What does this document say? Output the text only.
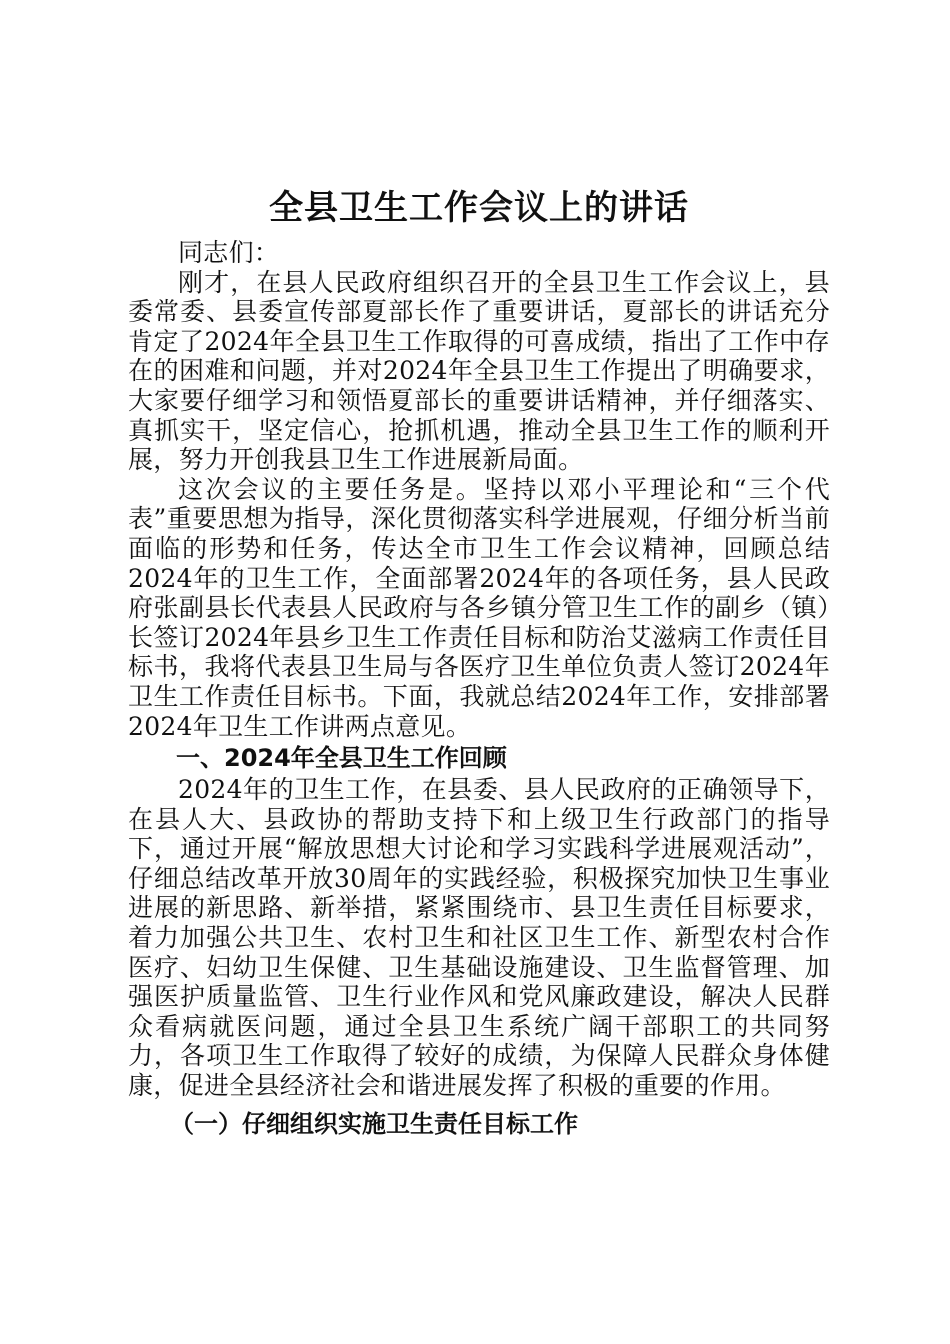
全县卫生工作会议上的讲话

同志们：

刚才，在县人民政府组织召开的全县卫生工作会议上，县委常委、县委宣传部夏部长作了重要讲话，夏部长的讲话充分肯定了2024年全县卫生工作取得的可喜成绩，指出了工作中存在的困难和问题，并对2024年全县卫生工作提出了明确要求，大家要仔细学习和领悟夏部长的重要讲话精神，并仔细落实、真抓实干，坚定信心，抢抓机遇，推动全县卫生工作的顺利开展，努力开创我县卫生工作进展新局面。

这次会议的主要任务是。坚持以邓小平理论和“三个代表”重要思想为指导，深化贯彻落实科学进展观，仔细分析当前面临的形势和任务，传达全市卫生工作会议精神，回顾总结2024年的卫生工作，全面部署2024年的各项任务，县人民政府张副县长代表县人民政府与各乡镇分管卫生工作的副乡（镇）长签订2024年县乡卫生工作责任目标和防治艾滋病工作责任目标书，我将代表县卫生局与各医疗卫生单位负责人签订2024年卫生工作责任目标书。下面，我就总结2024年工作，安排部署2024年卫生工作讲两点意见。

一、2024年全县卫生工作回顾

2024年的卫生工作，在县委、县人民政府的正确领导下，在县人大、县政协的帮助支持下和上级卫生行政部门的指导下，通过开展“解放思想大讨论和学习实践科学进展观活动”，仔细总结改革开放30周年的实践经验，积极探究加快卫生事业进展的新思路、新举措，紧紧围绕市、县卫生责任目标要求，着力加强公共卫生、农村卫生和社区卫生工作、新型农村合作医疗、妇幼卫生保健、卫生基础设施建设、卫生监督管理、加强医护质量监管、卫生行业作风和党风廉政建设，解决人民群众看病就医问题，通过全县卫生系统广阔干部职工的共同努力，各项卫生工作取得了较好的成绩，为保障人民群众身体健康，促进全县经济社会和谐进展发挥了积极的重要的作用。

（一）仔细组织实施卫生责任目标工作
